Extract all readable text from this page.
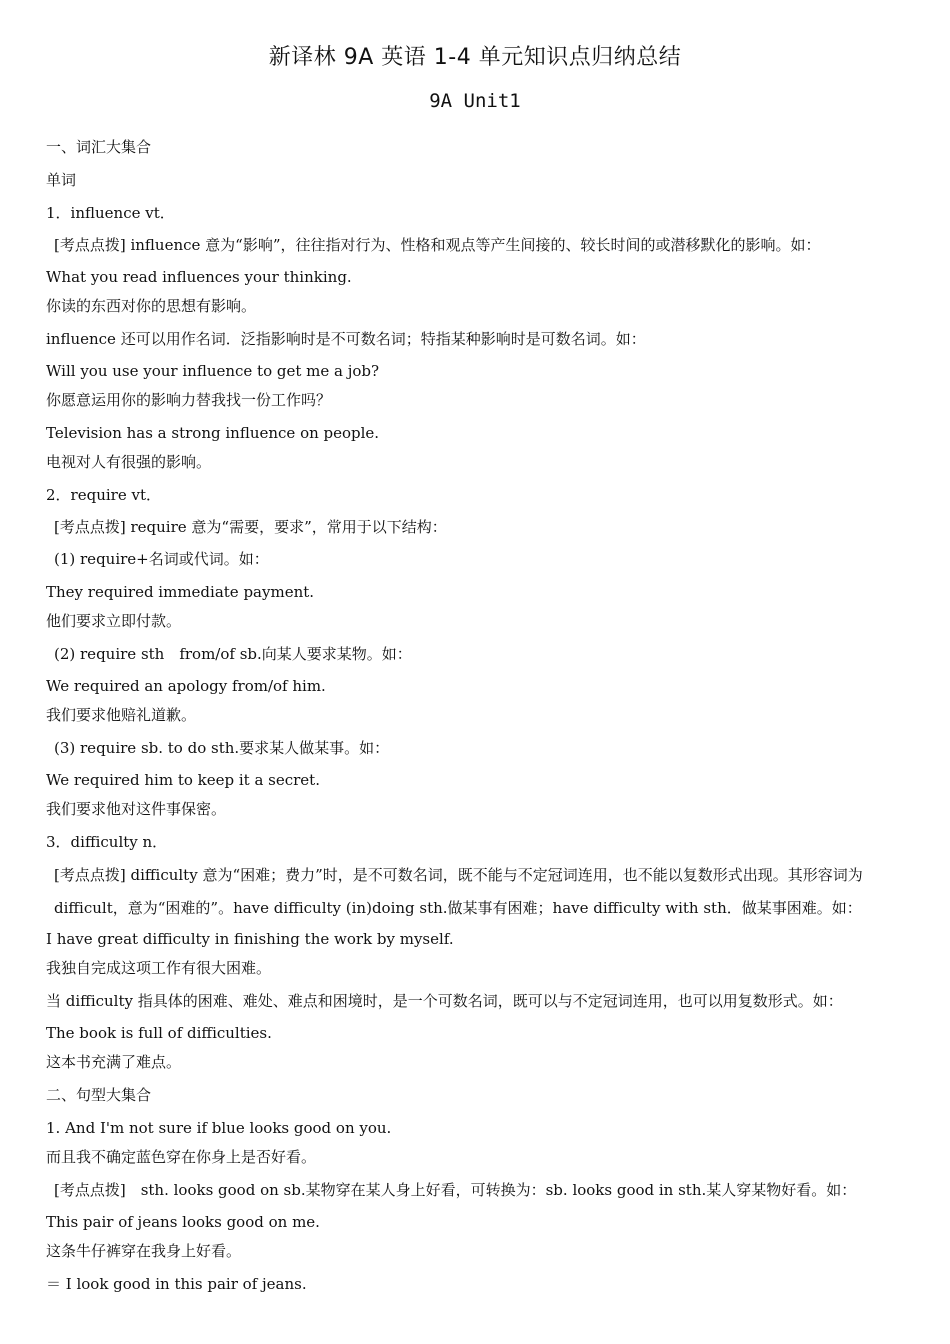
新译林 9A 英语 1-4 单元知识点归纳总结
9A Unit1
一、词汇大集合
单词
1．influence vt．
[考点点拨] influence 意为“影响”，往往指对行为、性格和观点等产生间接的、较长时间的或潜移默化的影响。如：
What you read influences your thinking.
你读的东西对你的思想有影响。
influence 还可以用作名词．泛指影响时是不可数名词；特指某种影响时是可数名词。如：
Will you use your influence to get me a job?
你愿意运用你的影响力替我找一份工作吗？
Television has a strong influence on people.
电视对人有很强的影响。
2．require vt．
[考点点拨] require 意为“需要，要求”，常用于以下结构：
(1) require+名词或代词。如：
They required immediate payment.
他们要求立即付款。
(2) require sth　from/of sb.向某人要求某物。如：
We required an apology from/of him.
我们要求他赔礼道歉。
(3) require sb. to do sth.要求某人做某事。如：
We required him to keep it a secret.
我们要求他对这件事保密。
3．difficulty n．
[考点点拨] difficulty 意为“困难；费力”时，是不可数名词，既不能与不定冠词连用，也不能以复数形式出现。其形容词为 difficult，意为“困难的”。have difficulty (in)doing sth.做某事有困难；have difficulty with sth．做某事困难。如：
I have great difficulty in finishing the work by myself.
我独自完成这项工作有很大困难。
当 difficulty 指具体的困难、难处、难点和困境时，是一个可数名词，既可以与不定冠词连用，也可以用复数形式。如：
The book is full of difficulties.
这本书充满了难点。
二、句型大集合
1. And I'm not sure if blue looks good on you.
而且我不确定蓝色穿在你身上是否好看。
[考点点拨]　sth. looks good on sb.某物穿在某人身上好看，可转换为：sb. looks good in sth.某人穿某物好看。如：
This pair of jeans looks good on me.
这条牛仔裤穿在我身上好看。
＝ I look good in this pair of jeans.
